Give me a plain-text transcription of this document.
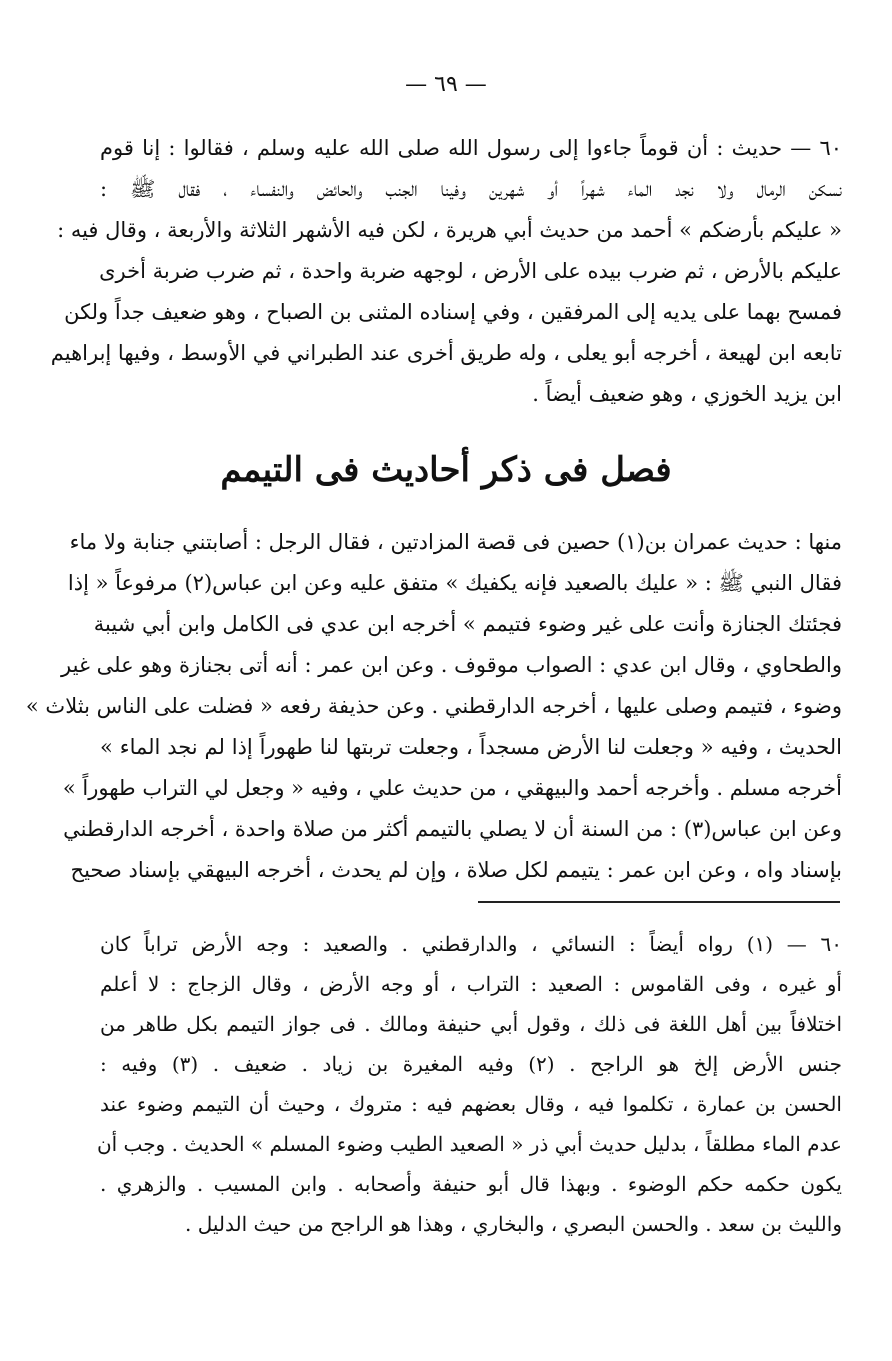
— ٦٩ —
٦٠ — حديث : أن قوماً جاءوا إلى رسول الله صلى الله عليه وسلم ، فقالوا : إنا قوم
نسكن الرمال ولا نجد الماء شهراً أو شهرين وفينا الجنب والحائض والنفساء ، فقال ﷺ :
« عليكم بأرضكم » أحمد من حديث أبي هريرة ، لكن فيه الأشهر الثلاثة والأربعة ، وقال فيه :
عليكم بالأرض ، ثم ضرب بيده على الأرض ، لوجهه ضربة واحدة ، ثم ضرب ضربة أخرى
فمسح بهما على يديه إلى المرفقين ، وفي إسناده المثنى بن الصباح ، وهو ضعيف جداً ولكن
تابعه ابن لهيعة ، أخرجه أبو يعلى ، وله طريق أخرى عند الطبراني في الأوسط ، وفيها إبراهيم
ابن يزيد الخوزي ، وهو ضعيف أيضاً .
فصل فى ذكر أحاديث فى التيمم
منها : حديث عمران بن(١) حصين فى قصة المزادتين ، فقال الرجل : أصابتني جنابة ولا ماء
فقال النبي ﷺ : « عليك بالصعيد فإنه يكفيك » متفق عليه وعن ابن عباس(٢) مرفوعاً « إذا
فجئتك الجنازة وأنت على غير وضوء فتيمم » أخرجه ابن عدي فى الكامل وابن أبي شيبة
والطحاوي ، وقال ابن عدي : الصواب موقوف . وعن ابن عمر : أنه أتى بجنازة وهو على غير
وضوء ، فتيمم وصلى عليها ، أخرجه الدارقطني . وعن حذيفة رفعه « فضلت على الناس بثلاث »
الحديث ، وفيه « وجعلت لنا الأرض مسجداً ، وجعلت تربتها لنا طهوراً إذا لم نجد الماء »
أخرجه مسلم . وأخرجه أحمد والبيهقي ، من حديث علي ، وفيه « وجعل لي التراب طهوراً »
وعن ابن عباس(٣) : من السنة أن لا يصلي بالتيمم أكثر من صلاة واحدة ، أخرجه الدارقطني
بإسناد واه ، وعن ابن عمر : يتيمم لكل صلاة ، وإن لم يحدث ، أخرجه البيهقي بإسناد صحيح
٦٠ — (١) رواه أيضاً : النسائي ، والدارقطني . والصعيد : وجه الأرض تراباً كان
أو غيره ، وفى القاموس : الصعيد : التراب ، أو وجه الأرض ، وقال الزجاج : لا أعلم
اختلافاً بين أهل اللغة فى ذلك ، وقول أبي حنيفة ومالك . فى جواز التيمم بكل طاهر من
جنس الأرض إلخ هو الراجح . (٢) وفيه المغيرة بن زياد . ضعيف . (٣) وفيه :
الحسن بن عمارة ، تكلموا فيه ، وقال بعضهم فيه : متروك ، وحيث أن التيمم وضوء عند
عدم الماء مطلقاً ، بدليل حديث أبي ذر « الصعيد الطيب وضوء المسلم » الحديث . وجب أن
يكون حكمه حكم الوضوء . وبهذا قال أبو حنيفة وأصحابه . وابن المسيب . والزهري .
والليث بن سعد . والحسن البصري ، والبخاري ، وهذا هو الراجح من حيث الدليل .
